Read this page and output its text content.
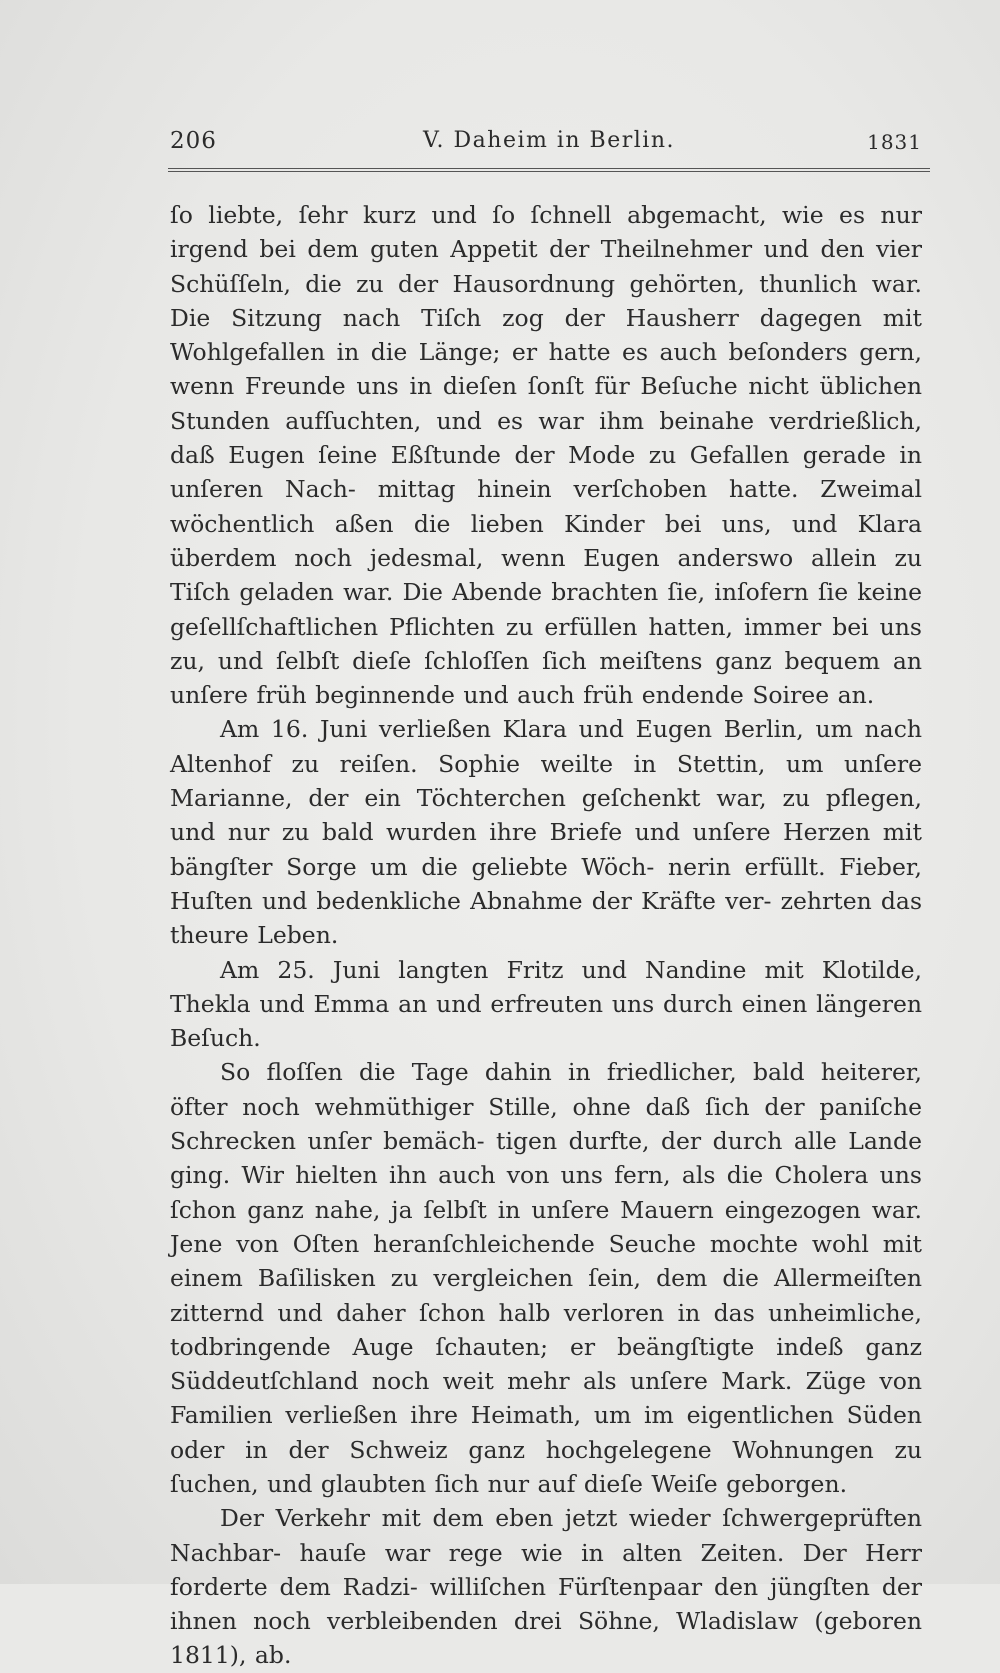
206	V. Daheim in Berlin.	1831

ſo liebte, ſehr kurz und ſo ſchnell abgemacht, wie es nur irgend bei dem guten Appetit der Theilnehmer und den vier Schüſſeln, die zu der Hausordnung gehörten, thunlich war. Die Sitzung nach Tiſch zog der Hausherr dagegen mit Wohlgefallen in die Länge; er hatte es auch beſonders gern, wenn Freunde uns in dieſen ſonſt für Beſuche nicht üblichen Stunden aufſuchten, und es war ihm beinahe verdrießlich, daß Eugen ſeine Eßſtunde der Mode zu Gefallen gerade in unſeren Nach- mittag hinein verſchoben hatte. Zweimal wöchentlich aßen die lieben Kinder bei uns, und Klara überdem noch jedesmal, wenn Eugen anderswo allein zu Tiſch geladen war. Die Abende brachten ſie, inſofern ſie keine geſellſchaftlichen Pflichten zu erfüllen hatten, immer bei uns zu, und ſelbſt dieſe ſchloſſen ſich meiſtens ganz bequem an unſere früh beginnende und auch früh endende Soiree an.

Am 16. Juni verließen Klara und Eugen Berlin, um nach Altenhof zu reiſen. Sophie weilte in Stettin, um unſere Marianne, der ein Töchterchen geſchenkt war, zu pflegen, und nur zu bald wurden ihre Briefe und unſere Herzen mit bängſter Sorge um die geliebte Wöch- nerin erfüllt. Fieber, Huſten und bedenkliche Abnahme der Kräfte ver- zehrten das theure Leben.

Am 25. Juni langten Fritz und Nandine mit Klotilde, Thekla und Emma an und erfreuten uns durch einen längeren Beſuch.

So floſſen die Tage dahin in friedlicher, bald heiterer, öfter noch wehmüthiger Stille, ohne daß ſich der paniſche Schrecken unſer bemäch- tigen durfte, der durch alle Lande ging. Wir hielten ihn auch von uns fern, als die Cholera uns ſchon ganz nahe, ja ſelbſt in unſere Mauern eingezogen war. Jene von Oſten heranſchleichende Seuche mochte wohl mit einem Baſilisken zu vergleichen ſein, dem die Allermeiſten zitternd und daher ſchon halb verloren in das unheimliche, todbringende Auge ſchauten; er beängſtigte indeß ganz Süddeutſchland noch weit mehr als unſere Mark. Züge von Familien verließen ihre Heimath, um im eigentlichen Süden oder in der Schweiz ganz hochgelegene Wohnungen zu ſuchen, und glaubten ſich nur auf dieſe Weiſe geborgen.

Der Verkehr mit dem eben jetzt wieder ſchwergeprüften Nachbar- hauſe war rege wie in alten Zeiten. Der Herr forderte dem Radzi- williſchen Fürſtenpaar den jüngſten der ihnen noch verbleibenden drei Söhne, Wladislaw (geboren 1811), ab.
